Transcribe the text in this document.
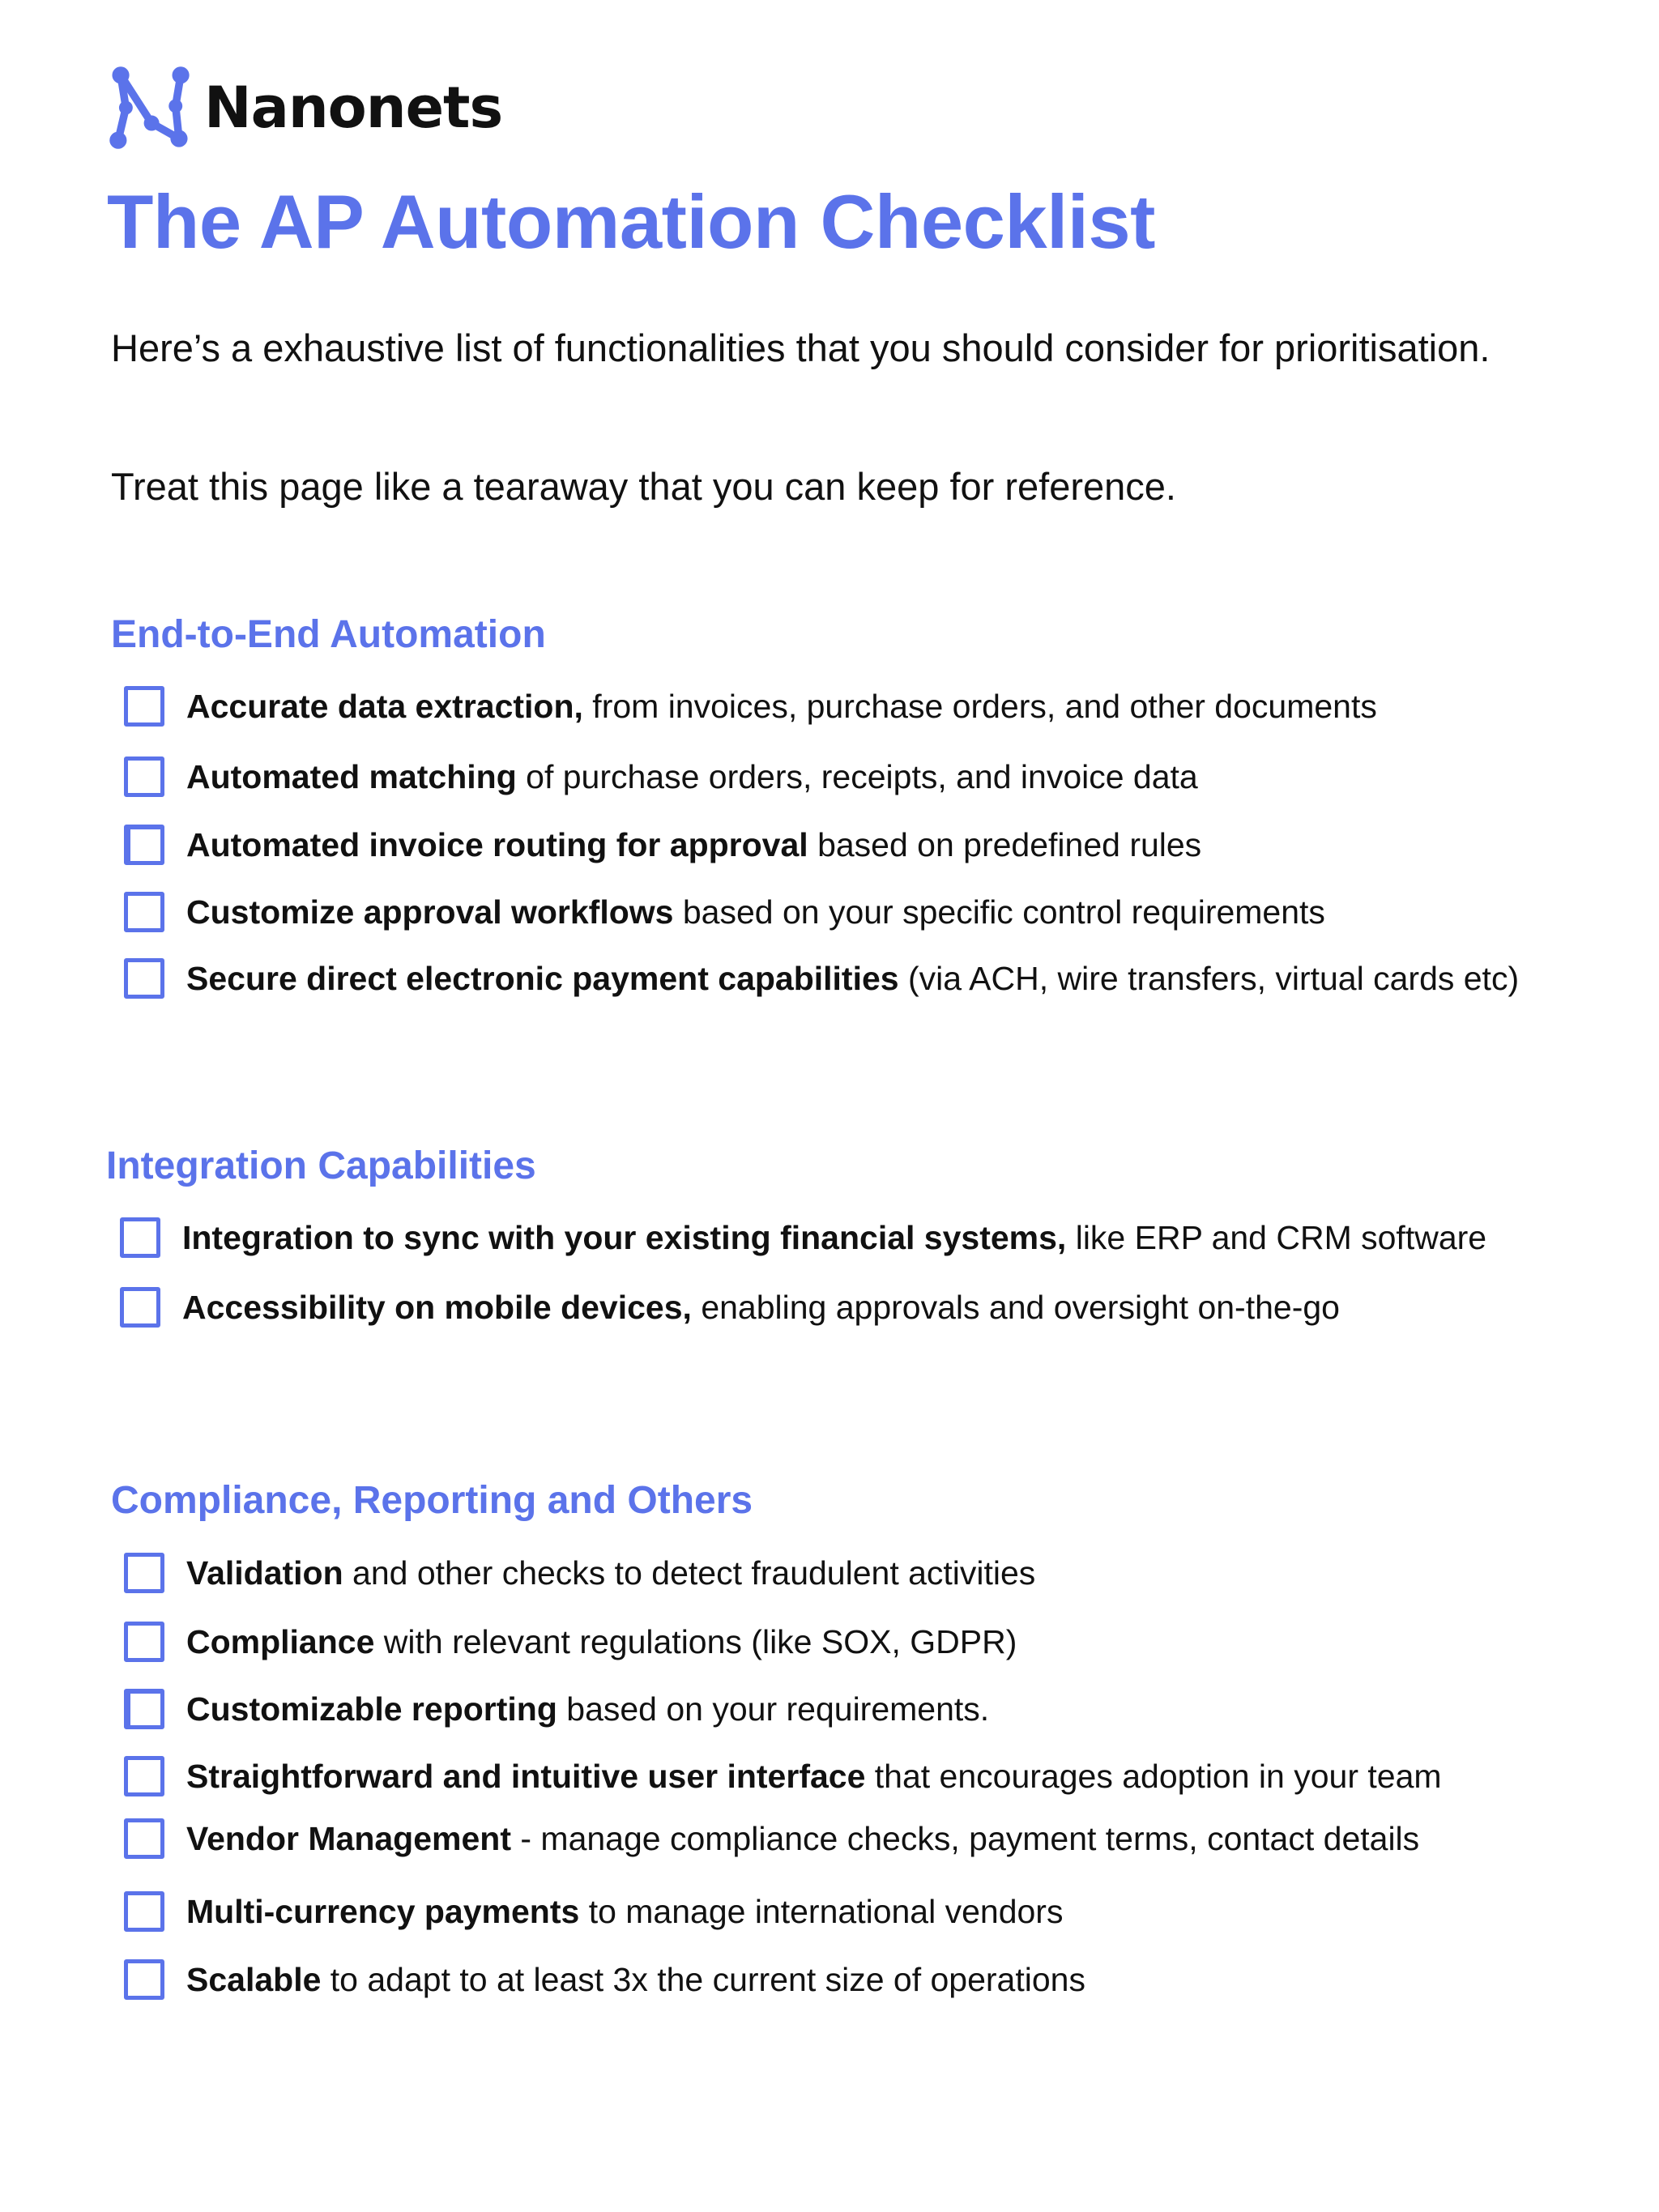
Nanonets
The AP Automation Checklist

Here’s a exhaustive list of functionalities that you should consider for prioritisation.

Treat this page like a tearaway that you can keep for reference.

End-to-End Automation
Accurate data extraction, from invoices, purchase orders, and other documents
Automated matching of purchase orders, receipts, and invoice data
Automated invoice routing for approval based on predefined rules
Customize approval workflows based on your specific control requirements
Secure direct electronic payment capabilities (via ACH, wire transfers, virtual cards etc)
Integration Capabilities
Integration to sync with your existing financial systems, like ERP and CRM software
Accessibility on mobile devices, enabling approvals and oversight on-the-go
Compliance, Reporting and Others
Validation and other checks to detect fraudulent activities
Compliance with relevant regulations (like SOX, GDPR)
Customizable reporting based on your requirements.
Straightforward and intuitive user interface that encourages adoption in your team
Vendor Management - manage compliance checks, payment terms, contact details
Multi-currency payments to manage international vendors
Scalable to adapt to at least 3x the current size of operations
